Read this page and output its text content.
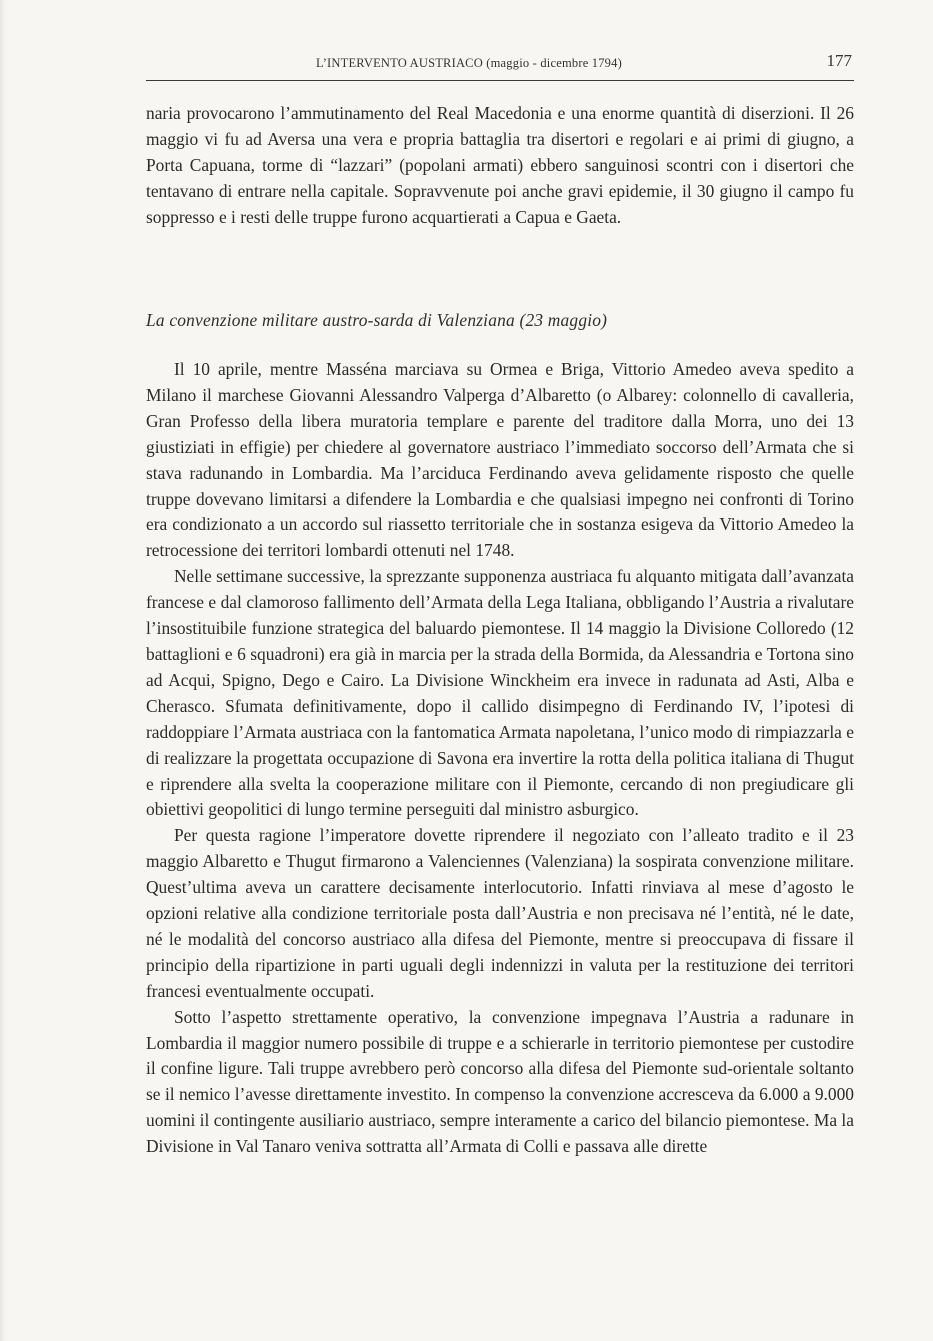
L’INTERVENTO AUSTRIACO (maggio - dicembre 1794)	177

naria provocarono l’ammutinamento del Real Macedonia e una enorme quantità di diserzioni. Il 26 maggio vi fu ad Aversa una vera e propria battaglia tra disertori e regolari e ai primi di giugno, a Porta Capuana, torme di “lazzari” (popolani armati) ebbero sanguinosi scontri con i disertori che tentavano di entrare nella capitale. Sopravvenute poi anche gravi epidemie, il 30 giugno il campo fu soppresso e i resti delle truppe furono acquartierati a Capua e Gaeta.

La convenzione militare austro-sarda di Valenziana (23 maggio)

Il 10 aprile, mentre Masséna marciava su Ormea e Briga, Vittorio Amedeo aveva spedito a Milano il marchese Giovanni Alessandro Valperga d’Albaretto (o Albarey: colonnello di cavalleria, Gran Professo della libera muratoria templare e parente del traditore dalla Morra, uno dei 13 giustiziati in effigie) per chiedere al governatore austriaco l’immediato soccorso dell’Armata che si stava radunando in Lombardia. Ma l’arciduca Ferdinando aveva gelidamente risposto che quelle truppe dovevano limitarsi a difendere la Lombardia e che qualsiasi impegno nei confronti di Torino era condizionato a un accordo sul riassetto territoriale che in sostanza esigeva da Vittorio Amedeo la retrocessione dei territori lombardi ottenuti nel 1748.

Nelle settimane successive, la sprezzante supponenza austriaca fu alquanto mitigata dall’avanzata francese e dal clamoroso fallimento dell’Armata della Lega Italiana, obbligando l’Austria a rivalutare l’insostituibile funzione strategica del baluardo piemontese. Il 14 maggio la Divisione Colloredo (12 battaglioni e 6 squadroni) era già in marcia per la strada della Bormida, da Alessandria e Tortona sino ad Acqui, Spigno, Dego e Cairo. La Divisione Winckheim era invece in radunata ad Asti, Alba e Cherasco. Sfumata definitivamente, dopo il callido disimpegno di Ferdinando IV, l’ipotesi di raddoppiare l’Armata austriaca con la fantomatica Armata napoletana, l’unico modo di rimpiazzarla e di realizzare la progettata occupazione di Savona era invertire la rotta della politica italiana di Thugut e riprendere alla svelta la cooperazione militare con il Piemonte, cercando di non pregiudicare gli obiettivi geopolitici di lungo termine perseguiti dal ministro asburgico.

Per questa ragione l’imperatore dovette riprendere il negoziato con l’alleato tradito e il 23 maggio Albaretto e Thugut firmarono a Valenciennes (Valenziana) la sospirata convenzione militare. Quest’ultima aveva un carattere decisamente interlocutorio. Infatti rinviava al mese d’agosto le opzioni relative alla condizione territoriale posta dall’Austria e non precisava né l’entità, né le date, né le modalità del concorso austriaco alla difesa del Piemonte, mentre si preoccupava di fissare il principio della ripartizione in parti uguali degli indennizzi in valuta per la restituzione dei territori francesi eventualmente occupati.

Sotto l’aspetto strettamente operativo, la convenzione impegnava l’Austria a radunare in Lombardia il maggior numero possibile di truppe e a schierarle in territorio piemontese per custodire il confine ligure. Tali truppe avrebbero però concorso alla difesa del Piemonte sud-orientale soltanto se il nemico l’avesse direttamente investito. In compenso la convenzione accresceva da 6.000 a 9.000 uomini il contingente ausiliario austriaco, sempre interamente a carico del bilancio piemontese. Ma la Divisione in Val Tanaro veniva sottratta all’Armata di Colli e passava alle dirette
